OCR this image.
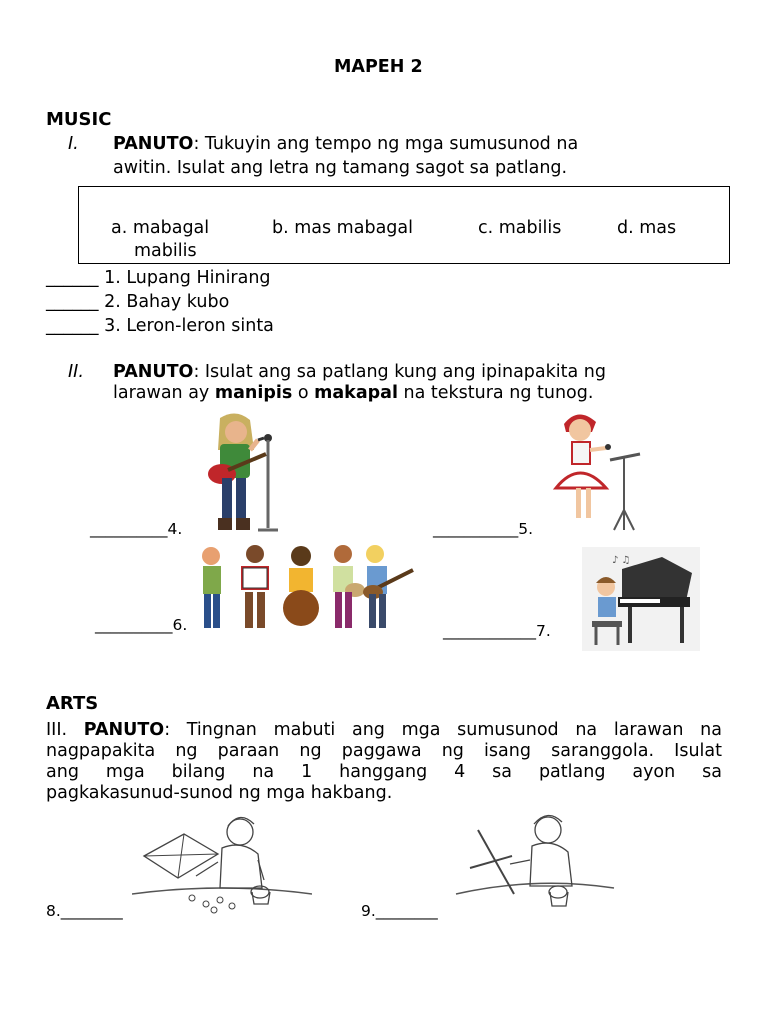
MAPEH 2
MUSIC
I. PANUTO: Tukuyin ang tempo ng mga sumusunod na
awitin. Isulat ang letra ng tamang sagot sa patlang.
a. mabagal	b. mas mabagal	c. mabilis	d. mas
mabilis
______ 1. Lupang Hinirang
______ 2. Bahay kubo
______ 3. Leron-leron sinta
II. PANUTO: Isulat ang sa patlang kung ang ipinapakita ng
larawan ay manipis o makapal na tekstura ng tunog.
__________4.	___________5.
♪ ♫
__________6.	____________7.
ARTS
III. PANUTO: Tingnan mabuti ang mga sumusunod na larawan na
nagpapakita ng paraan ng paggawa ng isang saranggola. Isulat
ang mga bilang na 1 hanggang 4 sa patlang ayon sa
pagkakasunud-sunod ng mga hakbang.
8.________	9.________
